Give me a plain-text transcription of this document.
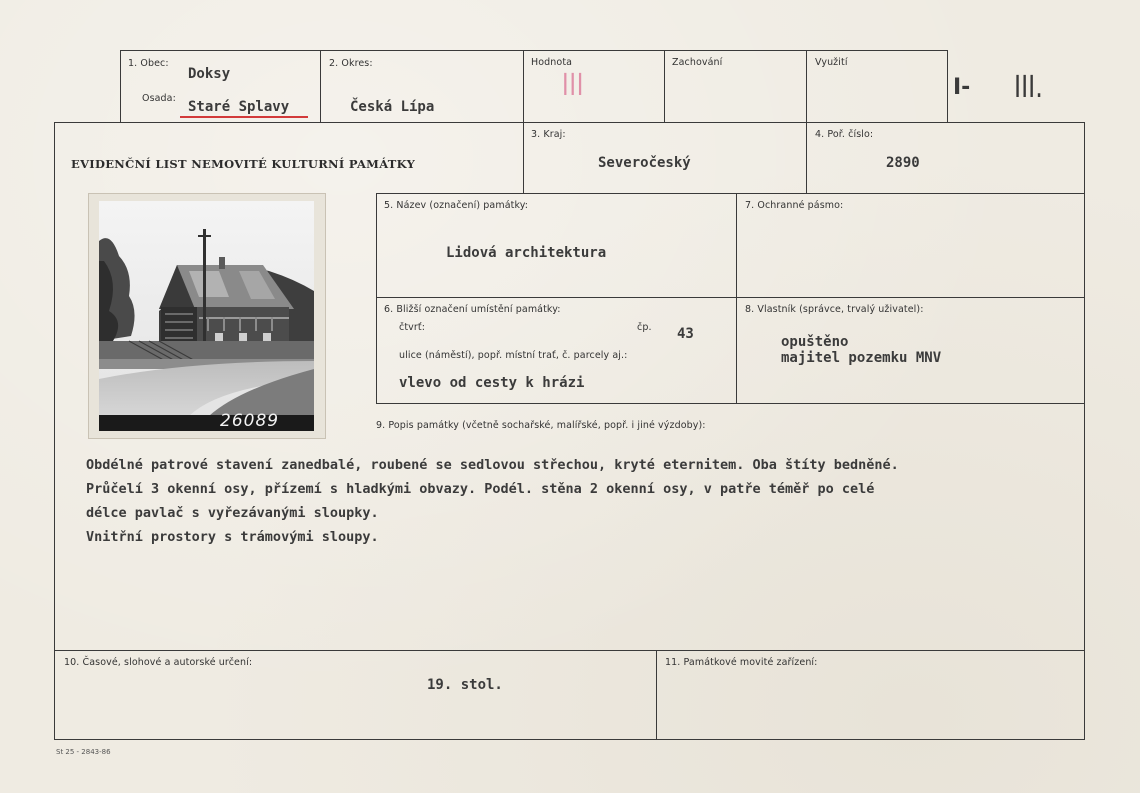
1. Obec:
Doksy
Osada:
Staré Splavy
2. Okres:
Česká Lípa
Hodnota
III
Zachování	Využití
I- III.
EVIDENČNÍ LIST NEMOVITÉ KULTURNÍ PAMÁTKY
3. Kraj:
Severočeský
4. Poř. číslo:
2890
5. Název (označení) památky:
Lidová architektura
7. Ochranné pásmo:
6. Bližší označení umístění památky:
čtvrť:	čp. 43
ulice (náměstí), popř. místní trať, č. parcely aj.:
vlevo od cesty k hrázi
8. Vlastník (správce, trvalý uživatel):
opuštěno
majitel pozemku MNV
26089	9. Popis památky (včetně sochařské, malířské, popř. i jiné výzdoby):

Obdélné patrové stavení zanedbalé, roubené se sedlovou střechou, kryté eternitem. Oba štíty bedněné.

Průčelí 3 okenní osy, přízemí s hladkými obvazy. Podél. stěna 2 okenní osy, v patře téměř po celé

délce pavlač s vyřezávanými sloupky.

Vnitřní prostory s trámovými sloupy.

10. Časové, slohové a autorské určení:
19. stol.
11. Památkové movité zařízení:
St 25 - 2843-86
